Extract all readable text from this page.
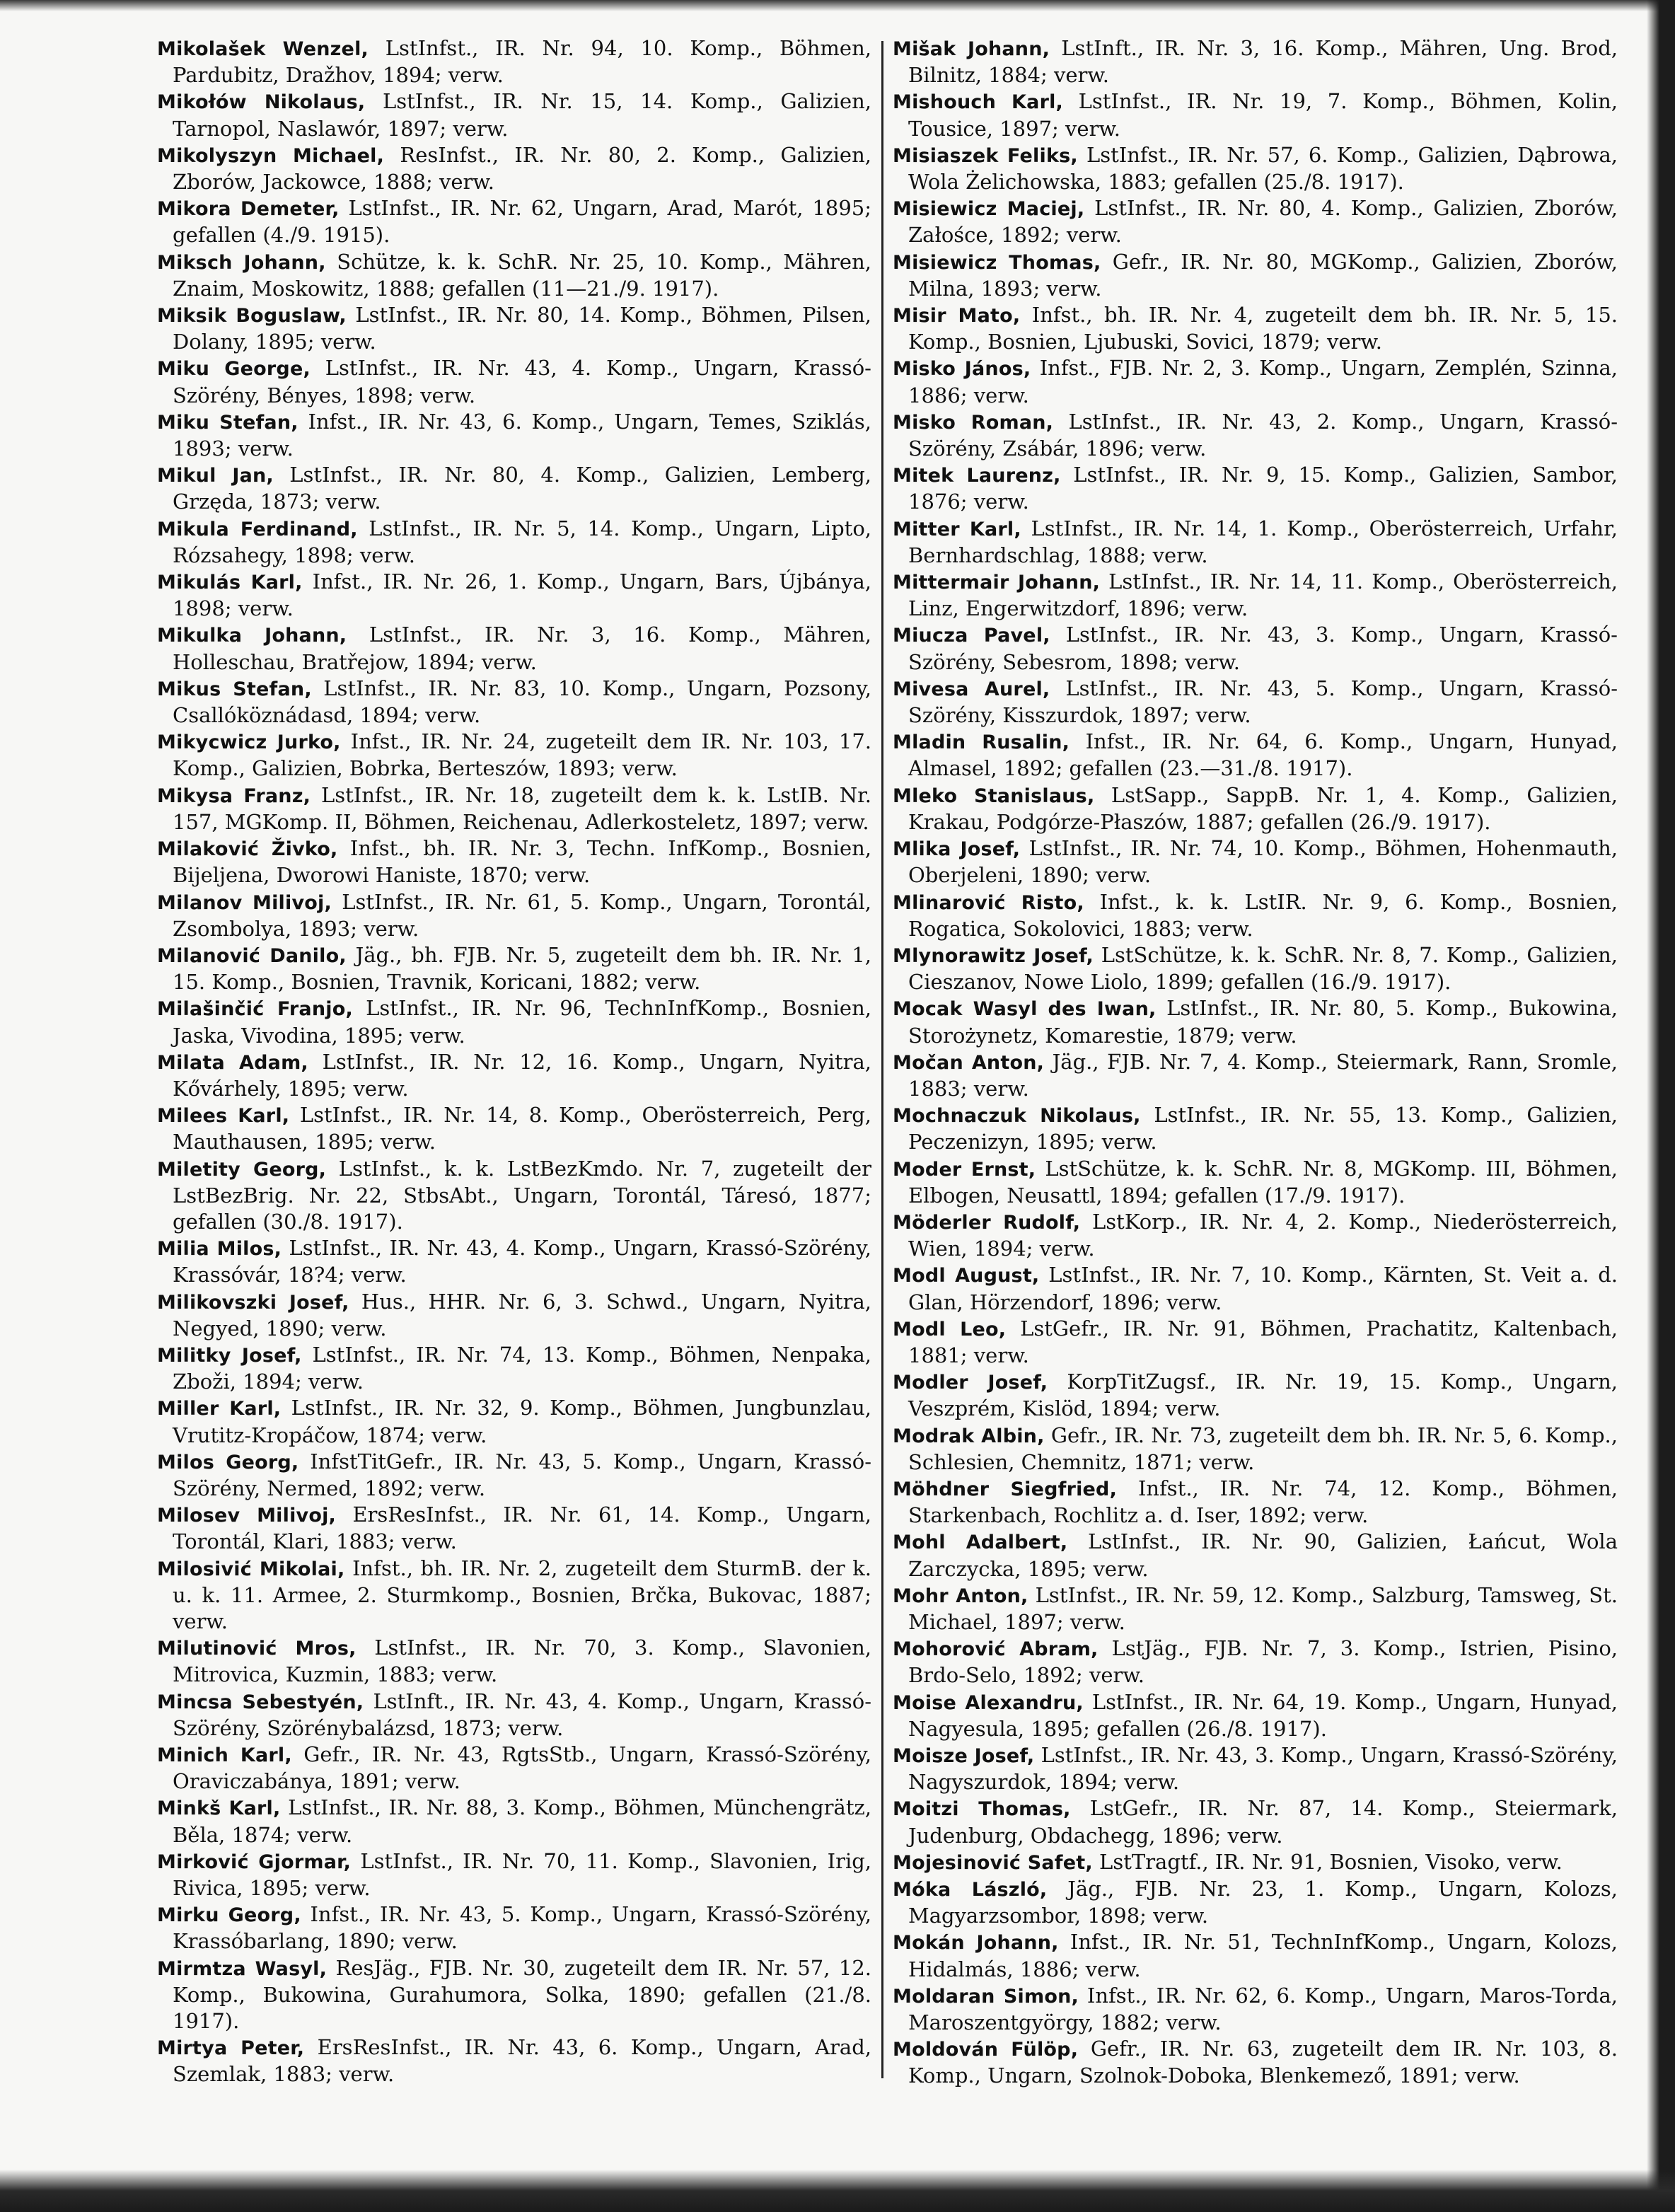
Mikolašek Wenzel, LstInfst., IR. Nr. 94, 10. Komp., Böhmen, Pardubitz, Dražhov, 1894; verw.

Mikołów Nikolaus, LstInfst., IR. Nr. 15, 14. Komp., Galizien, Tarnopol, Naslawór, 1897; verw.

Mikolyszyn Michael, ResInfst., IR. Nr. 80, 2. Komp., Galizien, Zborów, Jackowce, 1888; verw.

Mikora Demeter, LstInfst., IR. Nr. 62, Ungarn, Arad, Marót, 1895; gefallen (4./9. 1915).

Miksch Johann, Schütze, k. k. SchR. Nr. 25, 10. Komp., Mähren, Znaim, Moskowitz, 1888; gefallen (11—21./9. 1917).

Miksik Boguslaw, LstInfst., IR. Nr. 80, 14. Komp., Böhmen, Pilsen, Dolany, 1895; verw.

Miku George, LstInfst., IR. Nr. 43, 4. Komp., Ungarn, Krassó-Szörény, Bényes, 1898; verw.

Miku Stefan, Infst., IR. Nr. 43, 6. Komp., Ungarn, Temes, Sziklás, 1893; verw.

Mikul Jan, LstInfst., IR. Nr. 80, 4. Komp., Galizien, Lemberg, Grzęda, 1873; verw.

Mikula Ferdinand, LstInfst., IR. Nr. 5, 14. Komp., Ungarn, Lipto, Rózsahegy, 1898; verw.

Mikulás Karl, Infst., IR. Nr. 26, 1. Komp., Ungarn, Bars, Újbánya, 1898; verw.

Mikulka Johann, LstInfst., IR. Nr. 3, 16. Komp., Mähren, Holleschau, Bratřejow, 1894; verw.

Mikus Stefan, LstInfst., IR. Nr. 83, 10. Komp., Ungarn, Pozsony, Csallóköznádasd, 1894; verw.

Mikycwicz Jurko, Infst., IR. Nr. 24, zugeteilt dem IR. Nr. 103, 17. Komp., Galizien, Bobrka, Berteszów, 1893; verw.

Mikysa Franz, LstInfst., IR. Nr. 18, zugeteilt dem k. k. LstIB. Nr. 157, MGKomp. II, Böhmen, Reichenau, Adlerkosteletz, 1897; verw.

Milaković Živko, Infst., bh. IR. Nr. 3, Techn. InfKomp., Bosnien, Bijeljena, Dworowi Haniste, 1870; verw.

Milanov Milivoj, LstInfst., IR. Nr. 61, 5. Komp., Ungarn, Torontál, Zsombolya, 1893; verw.

Milanović Danilo, Jäg., bh. FJB. Nr. 5, zugeteilt dem bh. IR. Nr. 1, 15. Komp., Bosnien, Travnik, Koricani, 1882; verw.

Milašinčić Franjo, LstInfst., IR. Nr. 96, TechnInfKomp., Bosnien, Jaska, Vivodina, 1895; verw.

Milata Adam, LstInfst., IR. Nr. 12, 16. Komp., Ungarn, Nyitra, Kővárhely, 1895; verw.

Milees Karl, LstInfst., IR. Nr. 14, 8. Komp., Oberösterreich, Perg, Mauthausen, 1895; verw.

Miletity Georg, LstInfst., k. k. LstBezKmdo. Nr. 7, zugeteilt der LstBezBrig. Nr. 22, StbsAbt., Ungarn, Torontál, Táresó, 1877; gefallen (30./8. 1917).

Milia Milos, LstInfst., IR. Nr. 43, 4. Komp., Ungarn, Krassó-Szörény, Krassóvár, 18?4; verw.

Milikovszki Josef, Hus., HHR. Nr. 6, 3. Schwd., Ungarn, Nyitra, Negyed, 1890; verw.

Militky Josef, LstInfst., IR. Nr. 74, 13. Komp., Böhmen, Nenpaka, Zboži, 1894; verw.

Miller Karl, LstInfst., IR. Nr. 32, 9. Komp., Böhmen, Jungbunzlau, Vrutitz-Kropáčow, 1874; verw.

Milos Georg, InfstTitGefr., IR. Nr. 43, 5. Komp., Ungarn, Krassó-Szörény, Nermed, 1892; verw.

Milosev Milivoj, ErsResInfst., IR. Nr. 61, 14. Komp., Ungarn, Torontál, Klari, 1883; verw.

Milosivić Mikolai, Infst., bh. IR. Nr. 2, zugeteilt dem SturmB. der k. u. k. 11. Armee, 2. Sturmkomp., Bosnien, Brčka, Bukovac, 1887; verw.

Milutinović Mros, LstInfst., IR. Nr. 70, 3. Komp., Slavonien, Mitrovica, Kuzmin, 1883; verw.

Mincsa Sebestyén, LstInft., IR. Nr. 43, 4. Komp., Ungarn, Krassó-Szörény, Szörénybalázsd, 1873; verw.

Minich Karl, Gefr., IR. Nr. 43, RgtsStb., Ungarn, Krassó-Szörény, Oraviczabánya, 1891; verw.

Minkš Karl, LstInfst., IR. Nr. 88, 3. Komp., Böhmen, Münchengrätz, Běla, 1874; verw.

Mirković Gjormar, LstInfst., IR. Nr. 70, 11. Komp., Slavonien, Irig, Rivica, 1895; verw.

Mirku Georg, Infst., IR. Nr. 43, 5. Komp., Ungarn, Krassó-Szörény, Krassóbarlang, 1890; verw.

Mirmtza Wasyl, ResJäg., FJB. Nr. 30, zugeteilt dem IR. Nr. 57, 12. Komp., Bukowina, Gurahumora, Solka, 1890; gefallen (21./8. 1917).

Mirtya Peter, ErsResInfst., IR. Nr. 43, 6. Komp., Ungarn, Arad, Szemlak, 1883; verw.

Mišak Johann, LstInft., IR. Nr. 3, 16. Komp., Mähren, Ung. Brod, Bilnitz, 1884; verw.

Mishouch Karl, LstInfst., IR. Nr. 19, 7. Komp., Böhmen, Kolin, Tousice, 1897; verw.

Misiaszek Feliks, LstInfst., IR. Nr. 57, 6. Komp., Galizien, Dąbrowa, Wola Żelichowska, 1883; gefallen (25./8. 1917).

Misiewicz Maciej, LstInfst., IR. Nr. 80, 4. Komp., Galizien, Zborów, Załośce, 1892; verw.

Misiewicz Thomas, Gefr., IR. Nr. 80, MGKomp., Galizien, Zborów, Milna, 1893; verw.

Misir Mato, Infst., bh. IR. Nr. 4, zugeteilt dem bh. IR. Nr. 5, 15. Komp., Bosnien, Ljubuski, Sovici, 1879; verw.

Misko János, Infst., FJB. Nr. 2, 3. Komp., Ungarn, Zemplén, Szinna, 1886; verw.

Misko Roman, LstInfst., IR. Nr. 43, 2. Komp., Ungarn, Krassó-Szörény, Zsábár, 1896; verw.

Mitek Laurenz, LstInfst., IR. Nr. 9, 15. Komp., Galizien, Sambor, 1876; verw.

Mitter Karl, LstInfst., IR. Nr. 14, 1. Komp., Oberösterreich, Urfahr, Bernhardschlag, 1888; verw.

Mittermair Johann, LstInfst., IR. Nr. 14, 11. Komp., Oberösterreich, Linz, Engerwitzdorf, 1896; verw.

Miucza Pavel, LstInfst., IR. Nr. 43, 3. Komp., Ungarn, Krassó-Szörény, Sebesrom, 1898; verw.

Mivesa Aurel, LstInfst., IR. Nr. 43, 5. Komp., Ungarn, Krassó-Szörény, Kisszurdok, 1897; verw.

Mladin Rusalin, Infst., IR. Nr. 64, 6. Komp., Ungarn, Hunyad, Almasel, 1892; gefallen (23.—31./8. 1917).

Mleko Stanislaus, LstSapp., SappB. Nr. 1, 4. Komp., Galizien, Krakau, Podgórze-Płaszów, 1887; gefallen (26./9. 1917).

Mlika Josef, LstInfst., IR. Nr. 74, 10. Komp., Böhmen, Hohenmauth, Oberjeleni, 1890; verw.

Mlinarović Risto, Infst., k. k. LstIR. Nr. 9, 6. Komp., Bosnien, Rogatica, Sokolovici, 1883; verw.

Mlynorawitz Josef, LstSchütze, k. k. SchR. Nr. 8, 7. Komp., Galizien, Cieszanov, Nowe Liolo, 1899; gefallen (16./9. 1917).

Mocak Wasyl des Iwan, LstInfst., IR. Nr. 80, 5. Komp., Bukowina, Storożynetz, Komarestie, 1879; verw.

Močan Anton, Jäg., FJB. Nr. 7, 4. Komp., Steiermark, Rann, Sromle, 1883; verw.

Mochnaczuk Nikolaus, LstInfst., IR. Nr. 55, 13. Komp., Galizien, Peczenizyn, 1895; verw.

Moder Ernst, LstSchütze, k. k. SchR. Nr. 8, MGKomp. III, Böhmen, Elbogen, Neusattl, 1894; gefallen (17./9. 1917).

Möderler Rudolf, LstKorp., IR. Nr. 4, 2. Komp., Niederösterreich, Wien, 1894; verw.

Modl August, LstInfst., IR. Nr. 7, 10. Komp., Kärnten, St. Veit a. d. Glan, Hörzendorf, 1896; verw.

Modl Leo, LstGefr., IR. Nr. 91, Böhmen, Prachatitz, Kaltenbach, 1881; verw.

Modler Josef, KorpTitZugsf., IR. Nr. 19, 15. Komp., Ungarn, Veszprém, Kislöd, 1894; verw.

Modrak Albin, Gefr., IR. Nr. 73, zugeteilt dem bh. IR. Nr. 5, 6. Komp., Schlesien, Chemnitz, 1871; verw.

Möhdner Siegfried, Infst., IR. Nr. 74, 12. Komp., Böhmen, Starkenbach, Rochlitz a. d. Iser, 1892; verw.

Mohl Adalbert, LstInfst., IR. Nr. 90, Galizien, Łańcut, Wola Zarczycka, 1895; verw.

Mohr Anton, LstInfst., IR. Nr. 59, 12. Komp., Salzburg, Tamsweg, St. Michael, 1897; verw.

Mohorović Abram, LstJäg., FJB. Nr. 7, 3. Komp., Istrien, Pisino, Brdo-Selo, 1892; verw.

Moise Alexandru, LstInfst., IR. Nr. 64, 19. Komp., Ungarn, Hunyad, Nagyesula, 1895; gefallen (26./8. 1917).

Moisze Josef, LstInfst., IR. Nr. 43, 3. Komp., Ungarn, Krassó-Szörény, Nagyszurdok, 1894; verw.

Moitzi Thomas, LstGefr., IR. Nr. 87, 14. Komp., Steiermark, Judenburg, Obdachegg, 1896; verw.

Mojesinović Safet, LstTragtf., IR. Nr. 91, Bosnien, Visoko, verw.

Móka László, Jäg., FJB. Nr. 23, 1. Komp., Ungarn, Kolozs, Magyarzsombor, 1898; verw.

Mokán Johann, Infst., IR. Nr. 51, TechnInfKomp., Ungarn, Kolozs, Hidalmás, 1886; verw.

Moldaran Simon, Infst., IR. Nr. 62, 6. Komp., Ungarn, Maros-Torda, Maroszentgyörgy, 1882; verw.

Moldován Fülöp, Gefr., IR. Nr. 63, zugeteilt dem IR. Nr. 103, 8. Komp., Ungarn, Szolnok-Doboka, Blenkemező, 1891; verw.
